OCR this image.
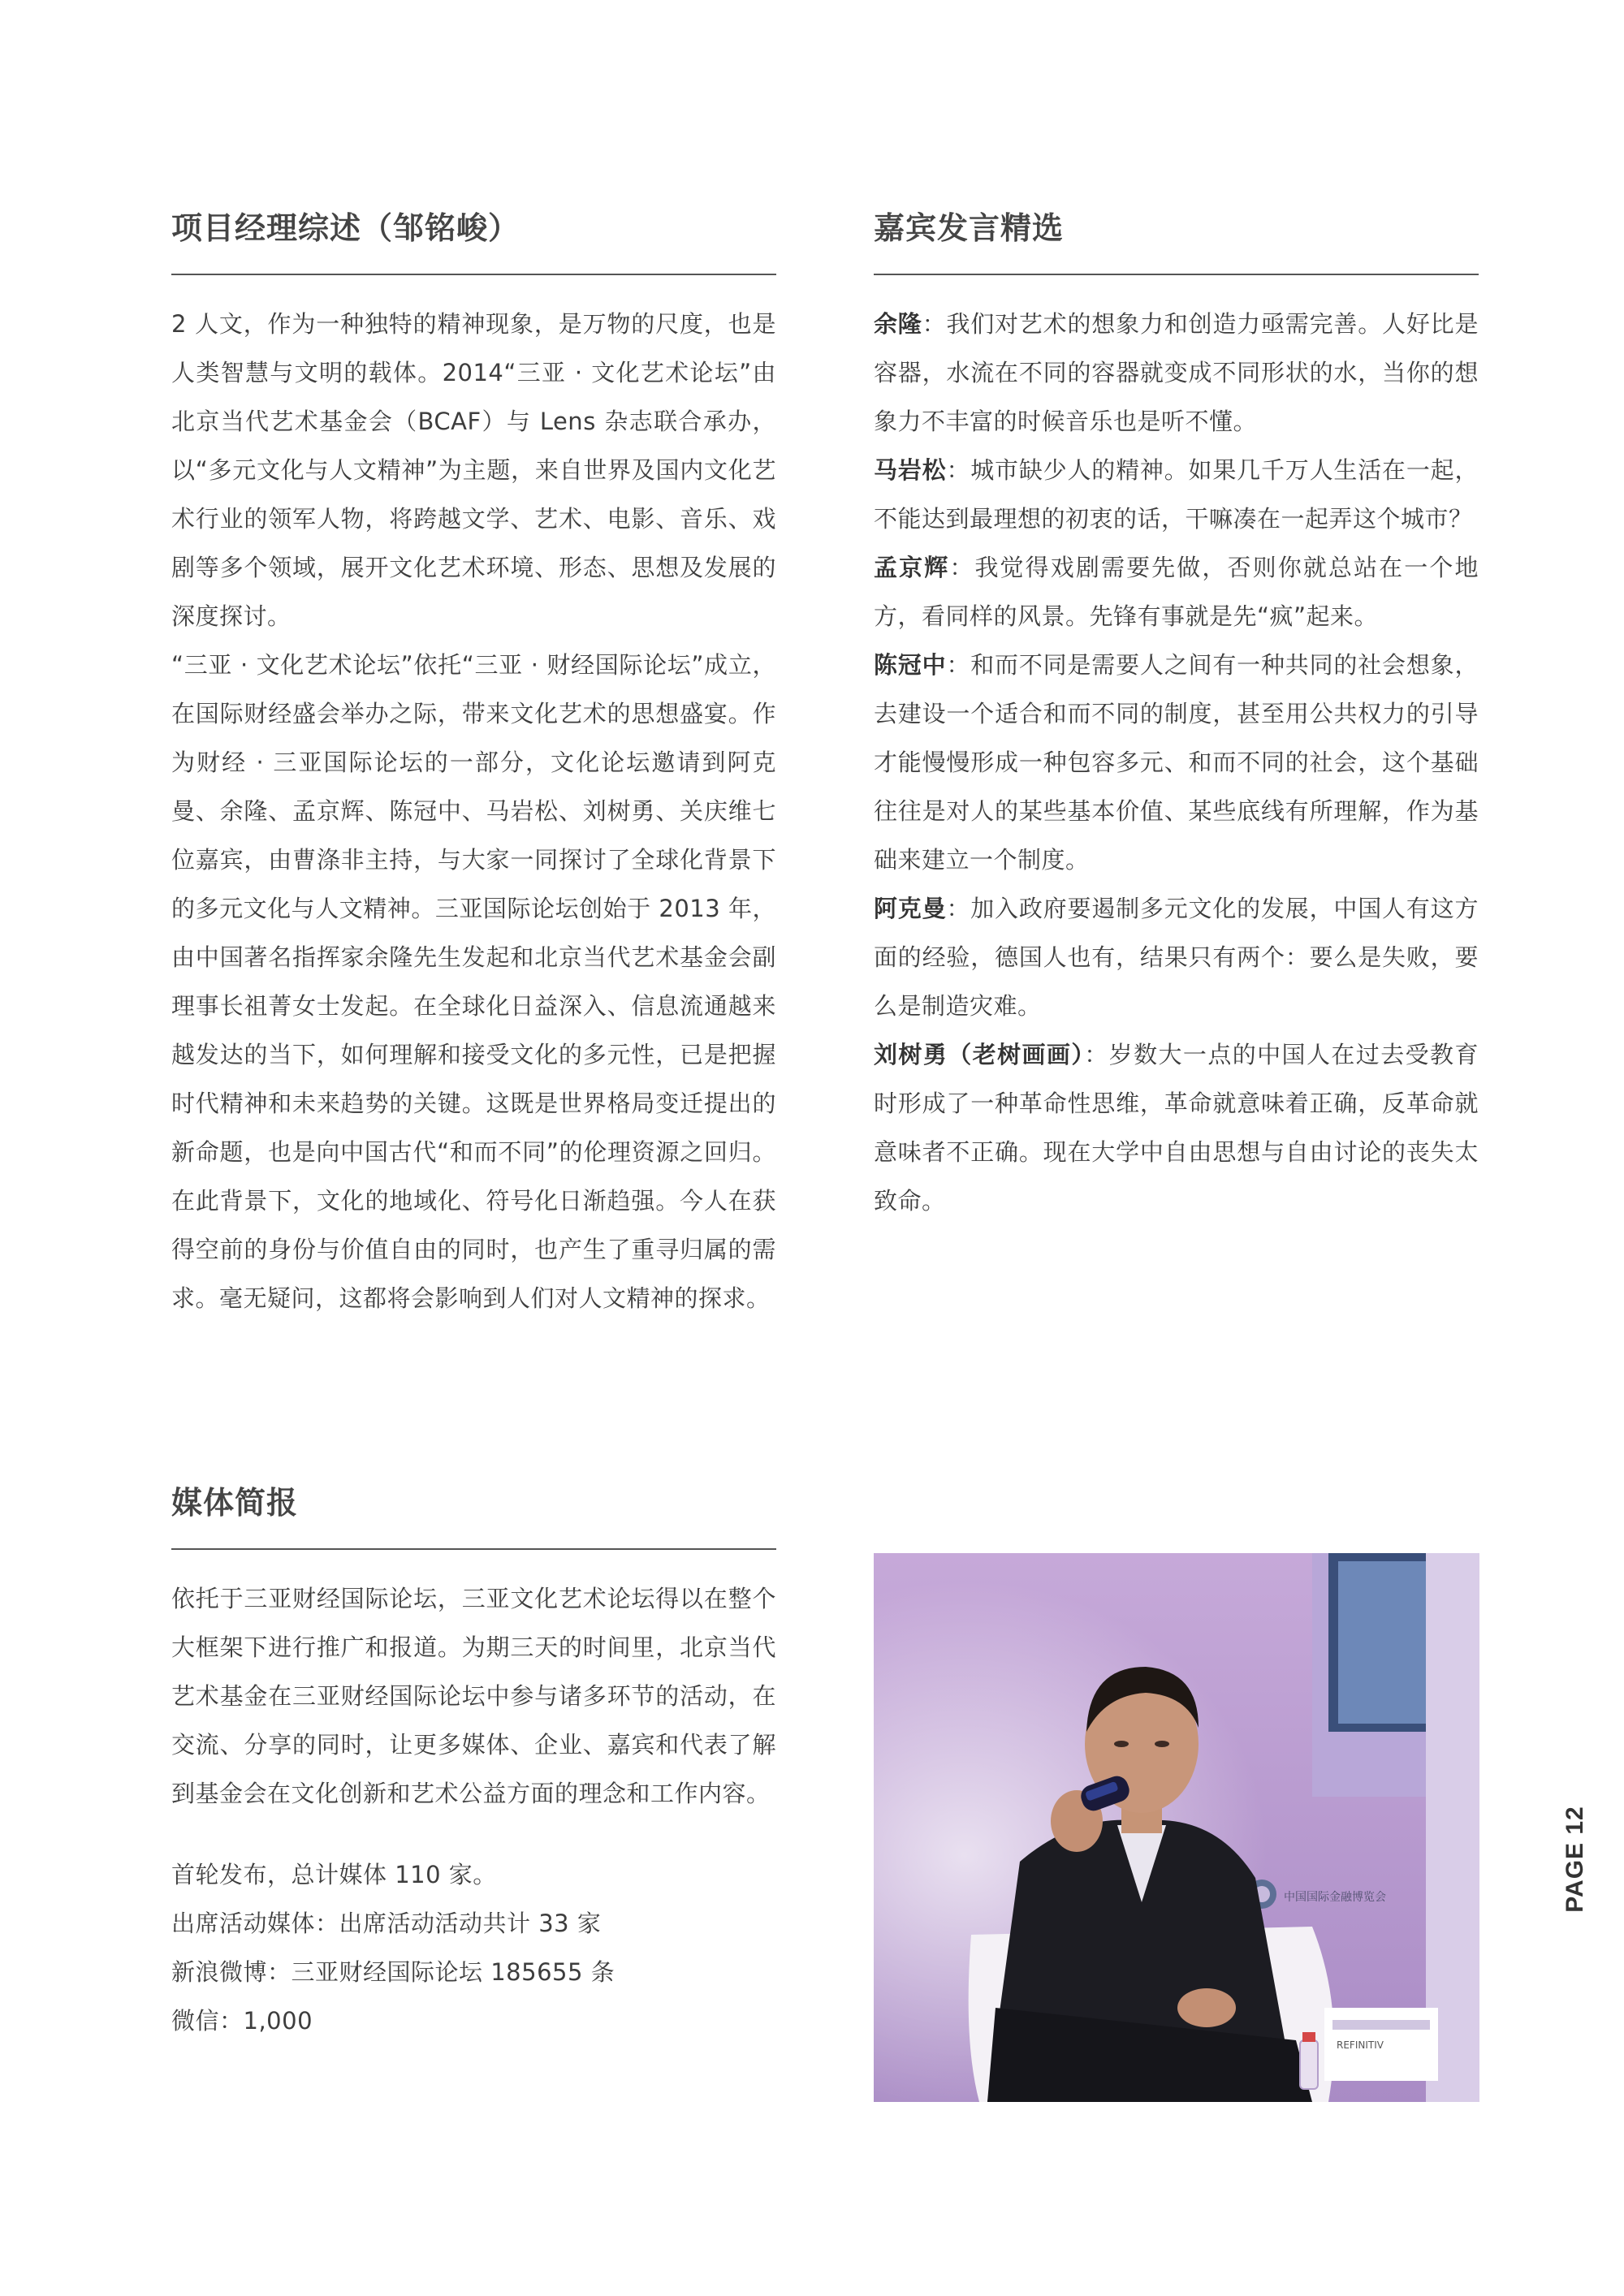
项目经理综述（邹铭峻）

2 人文，作为一种独特的精神现象，是万物的尺度，也是人类智慧与文明的载体。2014“三亚 · 文化艺术论坛”由北京当代艺术基金会（BCAF）与 Lens 杂志联合承办，以“多元文化与人文精神”为主题，来自世界及国内文化艺术行业的领军人物，将跨越文学、艺术、电影、音乐、戏剧等多个领域，展开文化艺术环境、形态、思想及发展的深度探讨。

“三亚 · 文化艺术论坛”依托“三亚 · 财经国际论坛”成立，在国际财经盛会举办之际，带来文化艺术的思想盛宴。作为财经 · 三亚国际论坛的一部分，文化论坛邀请到阿克曼、余隆、孟京辉、陈冠中、马岩松、刘树勇、关庆维七位嘉宾，由曹涤非主持，与大家一同探讨了全球化背景下的多元文化与人文精神。三亚国际论坛创始于 2013 年，由中国著名指挥家余隆先生发起和北京当代艺术基金会副理事长祖菁女士发起。在全球化日益深入、信息流通越来越发达的当下，如何理解和接受文化的多元性，已是把握时代精神和未来趋势的关键。这既是世界格局变迁提出的新命题，也是向中国古代“和而不同”的伦理资源之回归。在此背景下，文化的地域化、符号化日渐趋强。今人在获得空前的身份与价值自由的同时，也产生了重寻归属的需求。毫无疑问，这都将会影响到人们对人文精神的探求。

媒体简报

依托于三亚财经国际论坛，三亚文化艺术论坛得以在整个大框架下进行推广和报道。为期三天的时间里，北京当代艺术基金在三亚财经国际论坛中参与诸多环节的活动，在交流、分享的同时，让更多媒体、企业、嘉宾和代表了解到基金会在文化创新和艺术公益方面的理念和工作内容。

首轮发布，总计媒体 110 家。

出席活动媒体：出席活动活动共计 33 家

新浪微博：三亚财经国际论坛 185655 条

微信：1,000

嘉宾发言精选

余隆：我们对艺术的想象力和创造力亟需完善。人好比是容器，水流在不同的容器就变成不同形状的水，当你的想象力不丰富的时候音乐也是听不懂。

马岩松：城市缺少人的精神。如果几千万人生活在一起，不能达到最理想的初衷的话，干嘛凑在一起弄这个城市？

孟京辉：我觉得戏剧需要先做，否则你就总站在一个地方，看同样的风景。先锋有事就是先“疯”起来。

陈冠中：和而不同是需要人之间有一种共同的社会想象，去建设一个适合和而不同的制度，甚至用公共权力的引导才能慢慢形成一种包容多元、和而不同的社会，这个基础往往是对人的某些基本价值、某些底线有所理解，作为基础来建立一个制度。

阿克曼：加入政府要遏制多元文化的发展，中国人有这方面的经验，德国人也有，结果只有两个：要么是失败，要么是制造灾难。

刘树勇（老树画画）：岁数大一点的中国人在过去受教育时形成了一种革命性思维，革命就意味着正确，反革命就意味者不正确。现在大学中自由思想与自由讨论的丧失太致命。

中国国际金融博览会
REFINITIV
PAGE 12
